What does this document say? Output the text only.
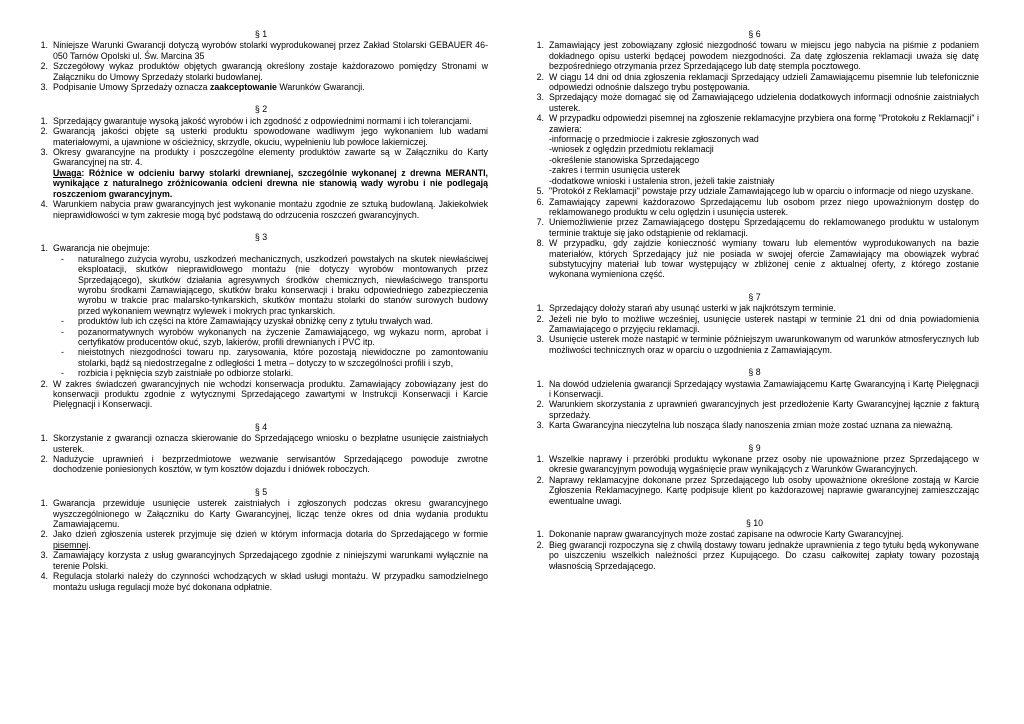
§ 1
1. Niniejsze Warunki Gwarancji dotyczą wyrobów stolarki wyprodukowanej przez Zakład Stolarski GEBAUER 46-050 Tarnów Opolski ul. Św. Marcina 35
2. Szczegółowy wykaz produktów objętych gwarancją określony zostaje każdorazowo pomiędzy Stronami w Załączniku do Umowy Sprzedaży stolarki budowlanej.
3. Podpisanie Umowy Sprzedaży oznacza zaakceptowanie Warunków Gwarancji.
§ 2
1. Sprzedający gwarantuje wysoką jakość wyrobów i ich zgodność z odpowiednimi normami i ich tolerancjami.
2. Gwarancją jakości objęte są usterki produktu spowodowane wadliwym jego wykonaniem lub wadami materiałowymi, a ujawnione w ościeżnicy, skrzydle, okuciu, wypełnieniu lub powłoce lakierniczej.
3. Okresy gwarancyjne na produkty i poszczególne elementy produktów zawarte są w Załączniku do Karty Gwarancyjnej na str. 4.
Uwaga: Różnice w odcieniu barwy stolarki drewnianej, szczególnie wykonanej z drewna MERANTI, wynikające z naturalnego zróżnicowania odcieni drewna nie stanowią wady wyrobu i nie podlegają roszczeniom gwarancyjnym.
4. Warunkiem nabycia praw gwarancyjnych jest wykonanie montażu zgodnie ze sztuką budowlaną. Jakiekolwiek nieprawidłowości w tym zakresie mogą być podstawą do odrzucenia roszczeń gwarancyjnych.
§ 3
1. Gwarancja nie obejmuje:
- naturalnego zużycia wyrobu, uszkodzeń mechanicznych, uszkodzeń powstałych na skutek niewłaściwej eksploatacji, skutków nieprawidłowego montażu (nie dotyczy wyrobów montowanych przez Sprzedającego), skutków działania agresywnych środków chemicznych, niewłaściwego transportu wyrobu środkami Zamawiającego, skutków braku konserwacji i braku odpowiedniego zabezpieczenia wyrobu w trakcie prac malarsko-tynkarskich, skutków montażu stolarki do stanów surowych budowy przed wykonaniem wewnątrz wylewek i mokrych prac tynkarskich.
- produktów lub ich części na które Zamawiający uzyskał obniżkę ceny z tytułu trwałych wad.
- pozanormatywnych wyrobów wykonanych na życzenie Zamawiającego, wg wykazu norm, aprobat i certyfikatów producentów okuć, szyb, lakierów, profili drewnianych i PVC itp.
- nieistotnych niezgodności towaru np. zarysowania, które pozostają niewidoczne po zamontowaniu stolarki, bądź są niedostrzegalne z odległości 1 metra – dotyczy to w szczególności profili i szyb,
- rozbicia i pęknięcia szyb zaistniałe po odbiorze stolarki.
2. W zakres świadczeń gwarancyjnych nie wchodzi konserwacja produktu. Zamawiający zobowiązany jest do konserwacji produktu zgodnie z wytycznymi Sprzedającego zawartymi w Instrukcji Konserwacji i Karcie Pielęgnacji i Konserwacji.
§ 4
1. Skorzystanie z gwarancji oznacza skierowanie do Sprzedającego wniosku o bezpłatne usunięcie zaistniałych usterek.
2. Nadużycie uprawnień i bezprzedmiotowe wezwanie serwisantów Sprzedającego powoduje zwrotne dochodzenie poniesionych kosztów, w tym kosztów dojazdu i dniówek roboczych.
§ 5
1. Gwarancja przewiduje usunięcie usterek zaistniałych i zgłoszonych podczas okresu gwarancyjnego wyszczególnionego w Załączniku do Karty Gwarancyjnej, licząc tenże okres od dnia wydania produktu Zamawiającemu.
2. Jako dzień zgłoszenia usterek przyjmuje się dzień w którym informacja dotarła do Sprzedającego w formie pisemnej.
3. Zamawiający korzysta z usług gwarancyjnych Sprzedającego zgodnie z niniejszymi warunkami wyłącznie na terenie Polski.
4. Regulacja stolarki należy do czynności wchodzących w skład usługi montażu. W przypadku samodzielnego montażu usługa regulacji może być dokonana odpłatnie.
§ 6
1. Zamawiający jest zobowiązany zgłosić niezgodność towaru w miejscu jego nabycia na piśmie z podaniem dokładnego opisu usterki będącej powodem niezgodności. Za datę zgłoszenia reklamacji uważa się datę bezpośredniego otrzymania przez Sprzedającego lub datę stempla pocztowego.
2. W ciągu 14 dni od dnia zgłoszenia reklamacji Sprzedający udzieli Zamawiającemu pisemnie lub telefonicznie odpowiedzi odnośnie dalszego trybu postępowania.
3. Sprzedający może domagać się od Zamawiającego udzielenia dodatkowych informacji odnośnie zaistniałych usterek.
4. W przypadku odpowiedzi pisemnej na zgłoszenie reklamacyjne przybiera ona formę "Protokołu z Reklamacji" i zawiera:
-informację o przedmiocie i zakresie zgłoszonych wad
-wniosek z oględzin przedmiotu reklamacji
-określenie stanowiska Sprzedającego
-zakres i termin usunięcia usterek
-dodatkowe wnioski i ustalenia stron, jeżeli takie zaistniały
5. "Protokół z Reklamacji" powstaje przy udziale Zamawiającego lub w oparciu o informacje od niego uzyskane.
6. Zamawiający zapewni każdorazowo Sprzedającemu lub osobom przez niego upoważnionym dostęp do reklamowanego produktu w celu oględzin i usunięcia usterek.
7. Uniemożliwienie przez Zamawiającego dostępu Sprzedającemu do reklamowanego produktu w ustalonym terminie traktuje się jako odstąpienie od reklamacji.
8. W przypadku, gdy zajdzie konieczność wymiany towaru lub elementów wyprodukowanych na bazie materiałów, których Sprzedający już nie posiada w swojej ofercie Zamawiający ma obowiązek wybrać substytucyjny materiał lub towar występujący w zbliżonej cenie z aktualnej oferty, z którego zostanie wykonana wymieniona część.
§ 7
1. Sprzedający dołoży starań aby usunąć usterki w jak najkrótszym terminie.
2. Jeżeli nie było to możliwe wcześniej, usunięcie usterek nastąpi w terminie 21 dni od dnia powiadomienia Zamawiającego o przyjęciu reklamacji.
3. Usunięcie usterek może nastąpić w terminie późniejszym uwarunkowanym od warunków atmosferycznych lub możliwości technicznych oraz w oparciu o uzgodnienia z Zamawiającym.
§ 8
1. Na dowód udzielenia gwarancji Sprzedający wystawia Zamawiającemu Kartę Gwarancyjną i Kartę Pielęgnacji i Konserwacji.
2. Warunkiem skorzystania z uprawnień gwarancyjnych jest przedłożenie Karty Gwarancyjnej łącznie z fakturą sprzedaży.
3. Karta Gwarancyjna nieczytelna lub nosząca ślady nanoszenia zmian może zostać uznana za nieważną.
§ 9
1. Wszelkie naprawy i przeróbki produktu wykonane przez osoby nie upoważnione przez Sprzedającego w okresie gwarancyjnym powodują wygaśnięcie praw wynikających z Warunków Gwarancyjnych.
2. Naprawy reklamacyjne dokonane przez Sprzedającego lub osoby upoważnione określone zostają w Karcie Zgłoszenia Reklamacyjnego. Kartę podpisuje klient po każdorazowej naprawie gwarancyjnej zamieszczając ewentualne uwagi.
§ 10
1. Dokonanie napraw gwarancyjnych może zostać zapisane na odwrocie Karty Gwarancyjnej.
2. Bieg gwarancji rozpoczyna się z chwilą dostawy towaru jednakże uprawnienia z tego tytułu będą wykonywane po uiszczeniu wszelkich należności przez Kupującego. Do czasu całkowitej zapłaty towary pozostają własnością Sprzedającego.
